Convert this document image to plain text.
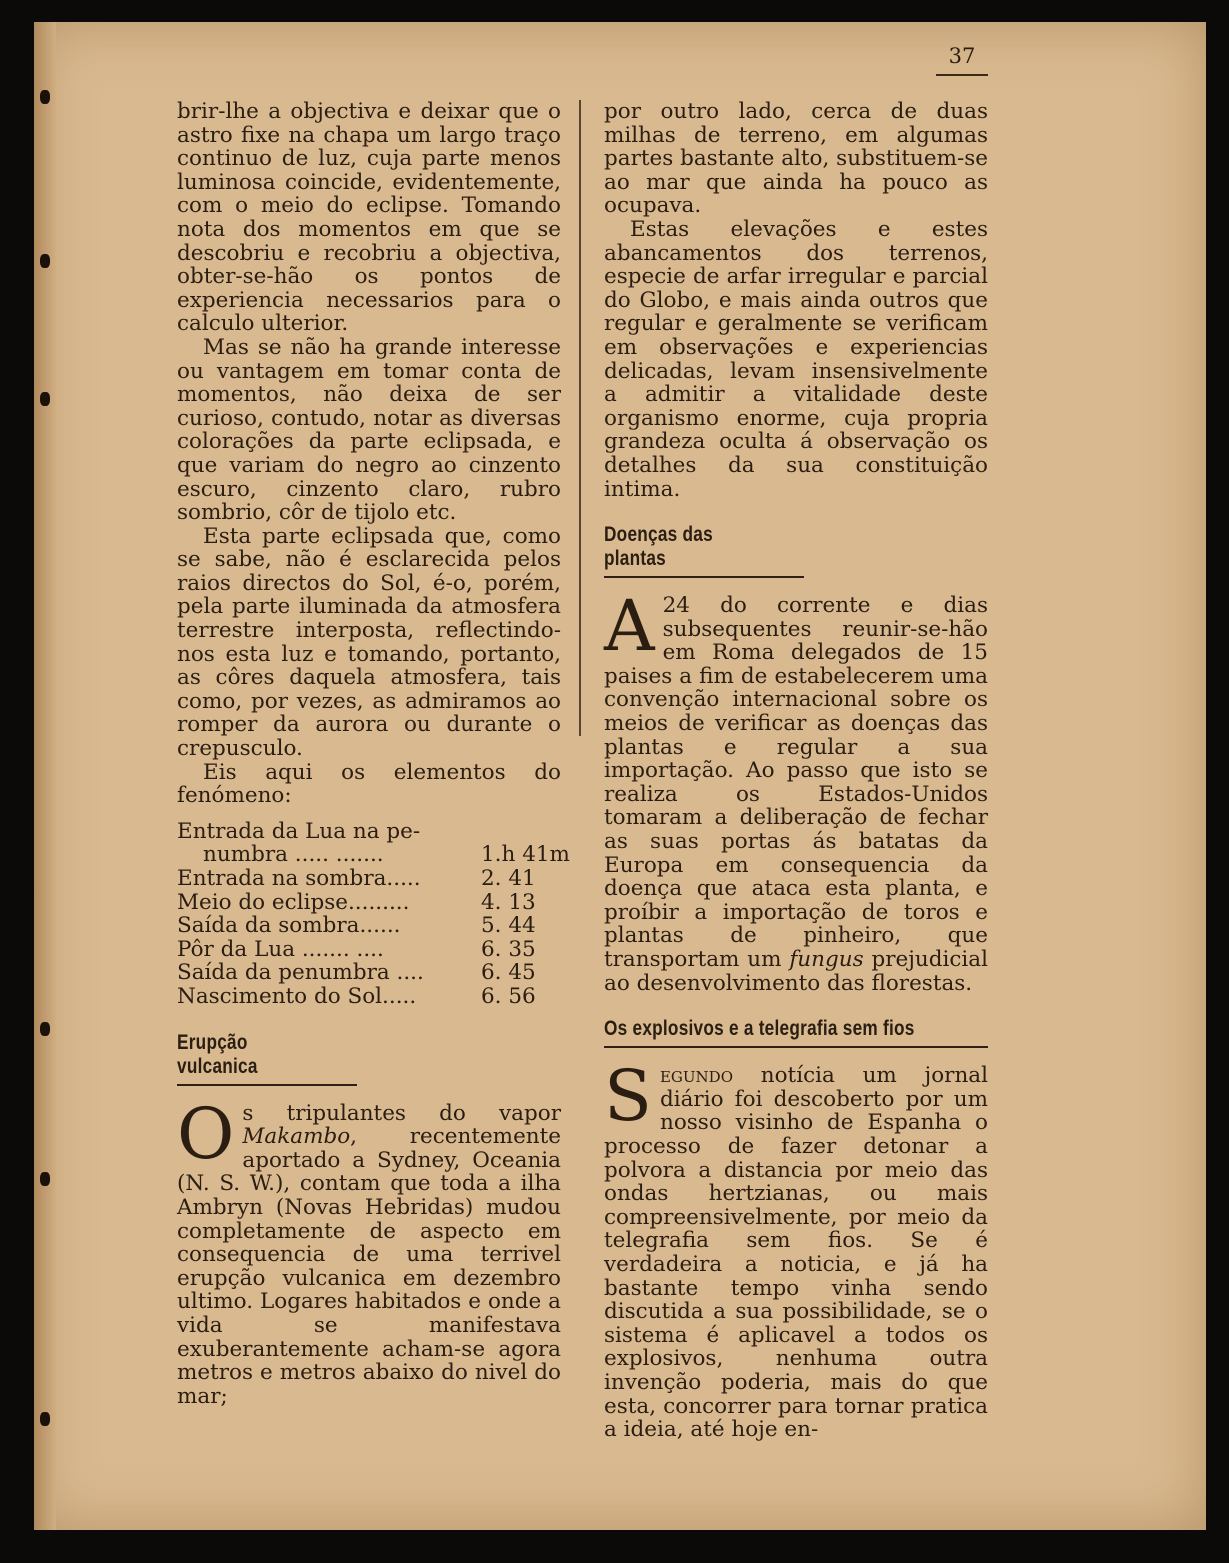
37

brir-lhe a objectiva e deixar que o astro fixe na chapa um largo traço continuo de luz, cuja parte menos luminosa coincide, evidentemente, com o meio do eclipse. Tomando nota dos momentos em que se descobriu e recobriu a objectiva, obter-se-hão os pontos de experiencia necessarios para o calculo ulterior.

Mas se não ha grande interesse ou vantagem em tomar conta de momentos, não deixa de ser curioso, contudo, notar as diversas colorações da parte eclipsada, e que variam do negro ao cinzento escuro, cinzento claro, rubro sombrio, côr de tijolo etc.

Esta parte eclipsada que, como se sabe, não é esclarecida pelos raios directos do Sol, é-o, porém, pela parte iluminada da atmosfera terrestre interposta, reflectindo-nos esta luz e tomando, portanto, as côres daquela atmosfera, tais como, por vezes, as admiramos ao romper da aurora ou durante o crepusculo.

Eis aqui os elementos do fenómeno:

Entrada da Lua na pe-
numbra ..... .......	1.h 41m
Entrada na sombra.....	2. 41
Meio do eclipse.........	4. 13
Saída da sombra......	5. 44
Pôr da Lua ....... ....	6. 35
Saída da penumbra ....	6. 45
Nascimento do Sol.....	6. 56
Erupção vulcanica

Os tripulantes do vapor Makambo, recentemente aportado a Sydney, Oceania (N. S. W.), contam que toda a ilha Ambryn (Novas Hebridas) mudou completamente de aspecto em consequencia de uma terrivel erupção vulcanica em dezembro ultimo. Logares habitados e onde a vida se manifestava exuberantemente acham-se agora metros e metros abaixo do nivel do mar;

por outro lado, cerca de duas milhas de terreno, em algumas partes bastante alto, substituem-se ao mar que ainda ha pouco as ocupava.

Estas elevações e estes abancamentos dos terrenos, especie de arfar irregular e parcial do Globo, e mais ainda outros que regular e geralmente se verificam em observações e experiencias delicadas, levam insensivelmente a admitir a vitalidade deste organismo enorme, cuja propria grandeza oculta á observação os detalhes da sua constituição intima.

Doenças das plantas

A 24 do corrente e dias subsequentes reunir-se-hão em Roma delegados de 15 paises a fim de estabelecerem uma convenção internacional sobre os meios de verificar as doenças das plantas e regular a sua importação. Ao passo que isto se realiza os Estados-Unidos tomaram a deliberação de fechar as suas portas ás batatas da Europa em consequencia da doença que ataca esta planta, e proíbir a importação de toros e plantas de pinheiro, que transportam um fungus prejudicial ao desenvolvimento das florestas.

Os explosivos e a telegrafia sem fios

Segundo notícia um jornal diário foi descoberto por um nosso visinho de Espanha o processo de fazer detonar a polvora a distancia por meio das ondas hertzianas, ou mais compreensivelmente, por meio da telegrafia sem fios. Se é verdadeira a noticia, e já ha bastante tempo vinha sendo discutida a sua possibilidade, se o sistema é aplicavel a todos os explosivos, nenhuma outra invenção poderia, mais do que esta, concorrer para tornar pratica a ideia, até hoje en-
